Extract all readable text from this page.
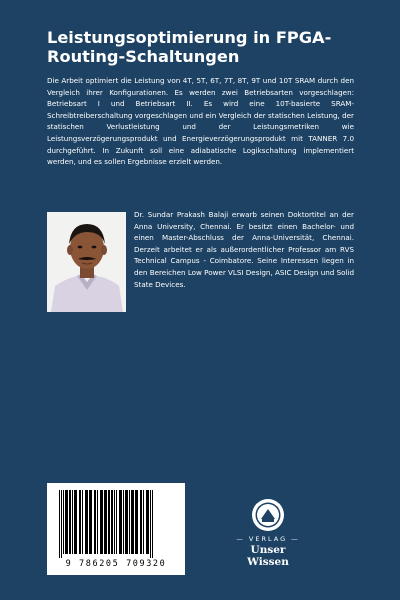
Leistungsoptimierung in FPGA-Routing-Schaltungen

Die Arbeit optimiert die Leistung von 4T, 5T, 6T, 7T, 8T, 9T und 10T SRAM durch den Vergleich ihrer Konfigurationen. Es werden zwei Betriebsarten vorgeschlagen: Betriebsart I und Betriebsart II. Es wird eine 10T-basierte SRAM-Schreibtreiberschaltung vorgeschlagen und ein Vergleich der statischen Leistung, der statischen Verlustleistung und der Leistungsmetriken wie Leistungsverzögerungsprodukt und Energieverzögerungsprodukt mit TANNER 7.0 durchgeführt. In Zukunft soll eine adiabatische Logikschaltung implementiert werden, und es sollen Ergebnisse erzielt werden.

Dr. Sundar Prakash Balaji erwarb seinen Doktortitel an der Anna University, Chennai. Er besitzt einen Bachelor- und einen Master-Abschluss der Anna-Universität, Chennai. Derzeit arbeitet er als außerordentlicher Professor am RVS Technical Campus - Coimbatore. Seine Interessen liegen in den Bereichen Low Power VLSI Design, ASIC Design und Solid State Devices.

9 786205 709320
— VERLAG —
Unser Wissen
